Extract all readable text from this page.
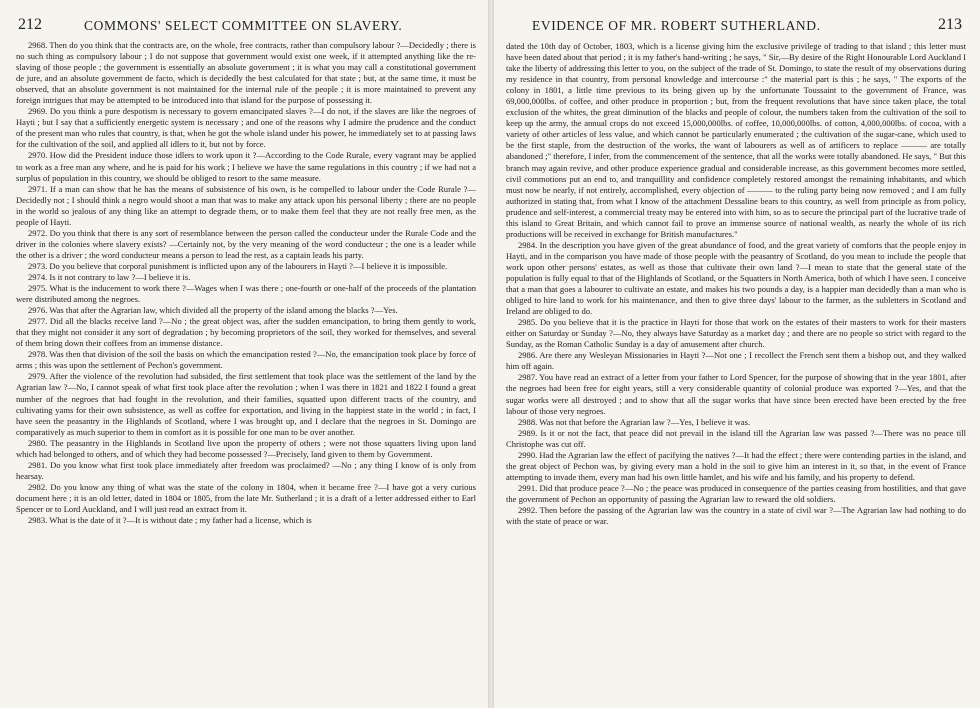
212	COMMONS' SELECT COMMITTEE ON SLAVERY.

2968. Then do you think that the contracts are, on the whole, free contracts, rather than compulsory labour ?—Decidedly ; there is no such thing as compulsory labour ; I do not suppose that government would exist one week, if it attempted anything like the re-slaving of those people ; the government is essentially an absolute government ; it is what you may call a constitutional government de jure, and an absolute government de facto, which is decidedly the best calculated for that state ; but, at the same time, it must be observed, that an absolute government is not maintained for the internal rule of the people ; it is more maintained to prevent any foreign intrigues that may be attempted to be introduced into that island for the purpose of possessing it.

2969. Do you think a pure despotism is necessary to govern emancipated slaves ?—I do not, if the slaves are like the negroes of Hayti ; but I say that a sufficiently energetic system is necessary ; and one of the reasons why I admire the prudence and the conduct of the present man who rules that country, is that, when he got the whole island under his power, he immediately set to at passing laws for the cultivation of the soil, and applied all idlers to it, but not by force.

2970. How did the President induce those idlers to work upon it ?—According to the Code Rurale, every vagrant may be applied to work as a free man any where, and he is paid for his work ; I believe we have the same regulations in this country ; if we had not a surplus of population in this country, we should be obliged to resort to the same measure.

2971. If a man can show that he has the means of subsistence of his own, is he compelled to labour under the Code Rurale ?—Decidedly not ; I should think a negro would shoot a man that was to make any attack upon his personal liberty ; there are no people in the world so jealous of any thing like an attempt to degrade them, or to make them feel that they are not really free men, as the people of Hayti.

2972. Do you think that there is any sort of resemblance between the person called the conducteur under the Rurale Code and the driver in the colonies where slavery exists? —Certainly not, by the very meaning of the word conducteur ; the one is a leader while the other is a driver ; the word conducteur means a person to lead the rest, as a captain leads his party.

2973. Do you believe that corporal punishment is inflicted upon any of the labourers in Hayti ?—I believe it is impossible.

2974. Is it not contrary to law ?—I believe it is.

2975. What is the inducement to work there ?—Wages when I was there ; one-fourth or one-half of the proceeds of the plantation were distributed among the negroes.

2976. Was that after the Agrarian law, which divided all the property of the island among the blacks ?—Yes.

2977. Did all the blacks receive land ?—No ; the great object was, after the sudden emancipation, to bring them gently to work, that they might not consider it any sort of degradation ; by becoming proprietors of the soil, they worked for themselves, and several of them bring down their coffees from an immense distance.

2978. Was then that division of the soil the basis on which the emancipation rested ?—No, the emancipation took place by force of arms ; this was upon the settlement of Pechon's government.

2979. After the violence of the revolution had subsided, the first settlement that took place was the settlement of the land by the Agrarian law ?—No, I cannot speak of what first took place after the revolution ; when I was there in 1821 and 1822 I found a great number of the negroes that had fought in the revolution, and their families, squatted upon different tracts of the country, and cultivating yams for their own subsistence, as well as coffee for exportation, and living in the happiest state in the world ; in fact, I have seen the peasantry in the Highlands of Scotland, where I was brought up, and I declare that the negroes in St. Domingo are comparatively as much superior to them in comfort as it is possible for one man to be over another.

2980. The peasantry in the Highlands in Scotland live upon the property of others ; were not those squatters living upon land which had belonged to others, and of which they had become possessed ?—Precisely, land given to them by Government.

2981. Do you know what first took place immediately after freedom was proclaimed? —No ; any thing I know of is only from hearsay.

2982. Do you know any thing of what was the state of the colony in 1804, when it became free ?—I have got a very curious document here ; it is an old letter, dated in 1804 or 1805, from the late Mr. Sutherland ; it is a draft of a letter addressed either to Earl Spencer or to Lord Auckland, and I will just read an extract from it.

2983. What is the date of it ?—It is without date ; my father had a license, which is

EVIDENCE OF MR. ROBERT SUTHERLAND.	213

dated the 10th day of October, 1803, which is a license giving him the exclusive privilege of trading to that island ; this letter must have been dated about that period ; it is my father's hand-writing ; he says, " Sir,—By desire of the Right Honourable Lord Auckland I take the liberty of addressing this letter to you, on the subject of the trade of St. Domingo, to state the result of my observations during my residence in that country, from personal knowledge and intercourse :" the material part is this ; he says, " The exports of the colony in 1801, a little time previous to its being given up by the unfortunate Toussaint to the government of France, was 69,000,000lbs. of coffee, and other produce in proportion ; but, from the frequent revolutions that have since taken place, the total exclusion of the whites, the great diminution of the blacks and people of colour, the numbers taken from the cultivation of the soil to keep up the army, the annual crops do not exceed 15,000,000lbs. of coffee, 10,000,000lbs. of cotton, 4,000,000lbs. of cocoa, with a variety of other articles of less value, and which cannot be particularly enumerated ; the cultivation of the sugar-cane, which used to be the first staple, from the destruction of the works, the want of labourers as well as of artificers to replace ——— are totally abandoned ;" therefore, I infer, from the commencement of the sentence, that all the works were totally abandoned. He says, " But this branch may again revive, and other produce experience gradual and considerable increase, as this government becomes more settled, civil commotions put an end to, and tranquillity and confidence completely restored amongst the remaining inhabitants, and which must now be nearly, if not entirely, accomplished, every objection of ——— to the ruling party being now removed ; and I am fully authorized in stating that, from what I know of the attachment Dessaline bears to this country, as well from principle as from policy, prudence and self-interest, a commercial treaty may be entered into with him, so as to secure the principal part of the lucrative trade of this island to Great Britain, and which cannot fail to prove an immense source of national wealth, as nearly the whole of its rich productions will be received in exchange for British manufactures."

2984. In the description you have given of the great abundance of food, and the great variety of comforts that the people enjoy in Hayti, and in the comparison you have made of those people with the peasantry of Scotland, do you mean to include the people that work upon other persons' estates, as well as those that cultivate their own land ?—I mean to state that the general state of the population is fully equal to that of the Highlands of Scotland, or the Squatters in North America, both of which I have seen. I conceive that a man that goes a labourer to cultivate an estate, and makes his two pounds a day, is a happier man decidedly than a man who is obliged to hire land to work for his maintenance, and then to give three days' labour to the farmer, as the subletters in Scotland and Ireland are obliged to do.

2985. Do you believe that it is the practice in Hayti for those that work on the estates of their masters to work for their masters either on Saturday or Sunday ?—No, they always have Saturday as a market day ; and there are no people so strict with regard to the Sunday, as the Roman Catholic Sunday is a day of amusement after church.

2986. Are there any Wesleyan Missionaries in Hayti ?—Not one ; I recollect the French sent them a bishop out, and they walked him off again.

2987. You have read an extract of a letter from your father to Lord Spencer, for the purpose of showing that in the year 1801, after the negroes had been free for eight years, still a very considerable quantity of colonial produce was exported ?—Yes, and that the sugar works were all destroyed ; and to show that all the sugar works that have since been erected have been erected by the free labour of those very negroes.

2988. Was not that before the Agrarian law ?—Yes, I believe it was.

2989. Is it or not the fact, that peace did not prevail in the island till the Agrarian law was passed ?—There was no peace till Christophe was cut off.

2990. Had the Agrarian law the effect of pacifying the natives ?—It had the effect ; there were contending parties in the island, and the great object of Pechon was, by giving every man a hold in the soil to give him an interest in it, so that, in the event of France attempting to invade them, every man had his own little hamlet, and his wife and his family, and his property to defend.

2991. Did that produce peace ?—No ; the peace was produced in consequence of the parties ceasing from hostilities, and that gave the government of Pechon an opportunity of passing the Agrarian law to reward the old soldiers.

2992. Then before the passing of the Agrarian law was the country in a state of civil war ?—The Agrarian law had nothing to do with the state of peace or war.
